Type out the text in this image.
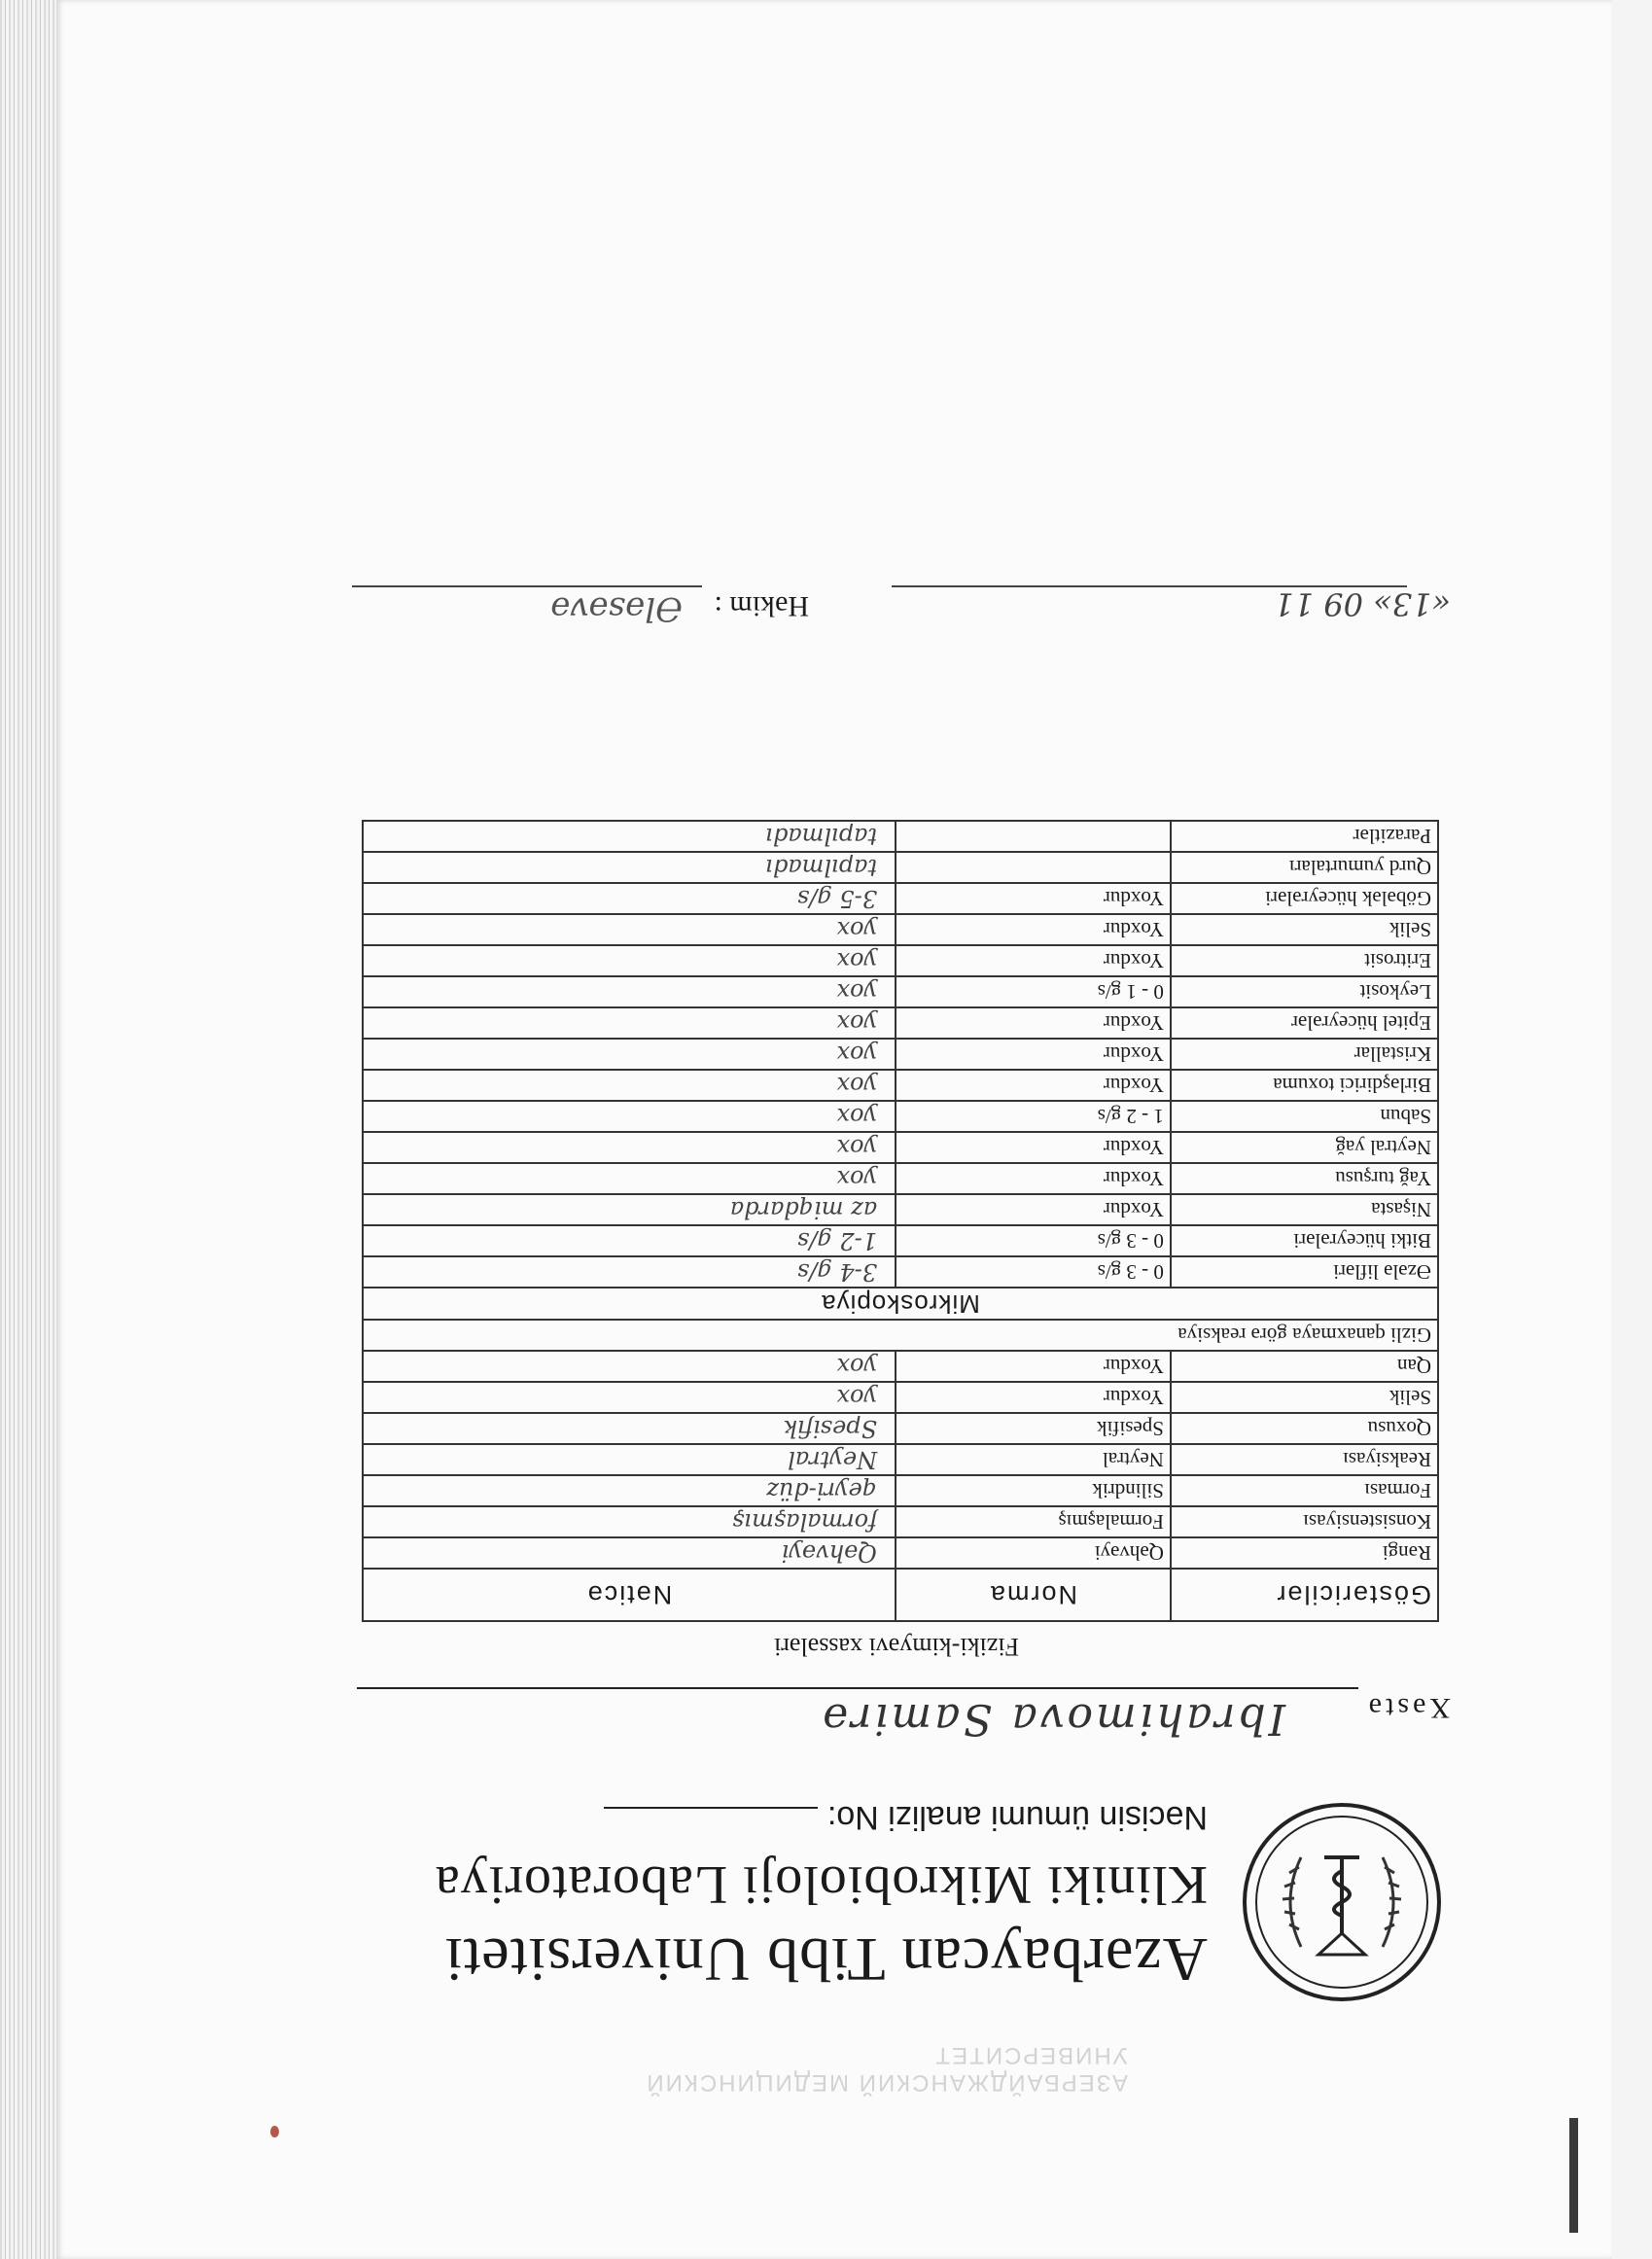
АЗЕРБАЙДЖАНСКИЙ МЕДИЦИНСКИЙ УНИВЕРСИТЕТ
Azərbaycan Tibb Universiteti
Kliniki Mikrobioloji Laboratoriya
Nəcisin ümumi analizi No:
Xəstə
Ibrahimova Samirə
Fiziki-kimyəvi xassələri
Göstəricilər	Norma	Nəticə
Rəngi	Qəhvəyi	Qəhvəyi
Konsistensiyası	Formalaşmış	formalaşmış
Forması	Silindrik	qeyri-düz
Reaksiyası	Neytral	Neytral
Qoxusu	Spesifik	Spesifik
Selik	Yoxdur	yox
Qan	Yoxdur	yox
Gizli qanaxmaya görə reaksiya		
Mikroskopiya		
Əzələ lifləri	0 - 3 g/s	3-4 g/s
Bitki hüceyrələri	0 - 3 g/s	1-2 g/s
Nişasta	Yoxdur	az miqdarda
Yağ turşusu	Yoxdur	yox
Neytral yağ	Yoxdur	yox
Sabun	1 - 2 g/s	yox
Birləşdirici toxuma	Yoxdur	yox
Kristallar	Yoxdur	yox
Epitel hüceyrələr	Yoxdur	yox
Leykosit	0 - 1 g/s	yox
Eritrosit	Yoxdur	yox
Selik	Yoxdur	yox
Göbələk hüceyrələri	Yoxdur	3-5 g/s
Qurd yumurtaları		tapılmadı
Parazitlər		tapılmadı
«13» 09 11
Həkim :
Ələsəvə
